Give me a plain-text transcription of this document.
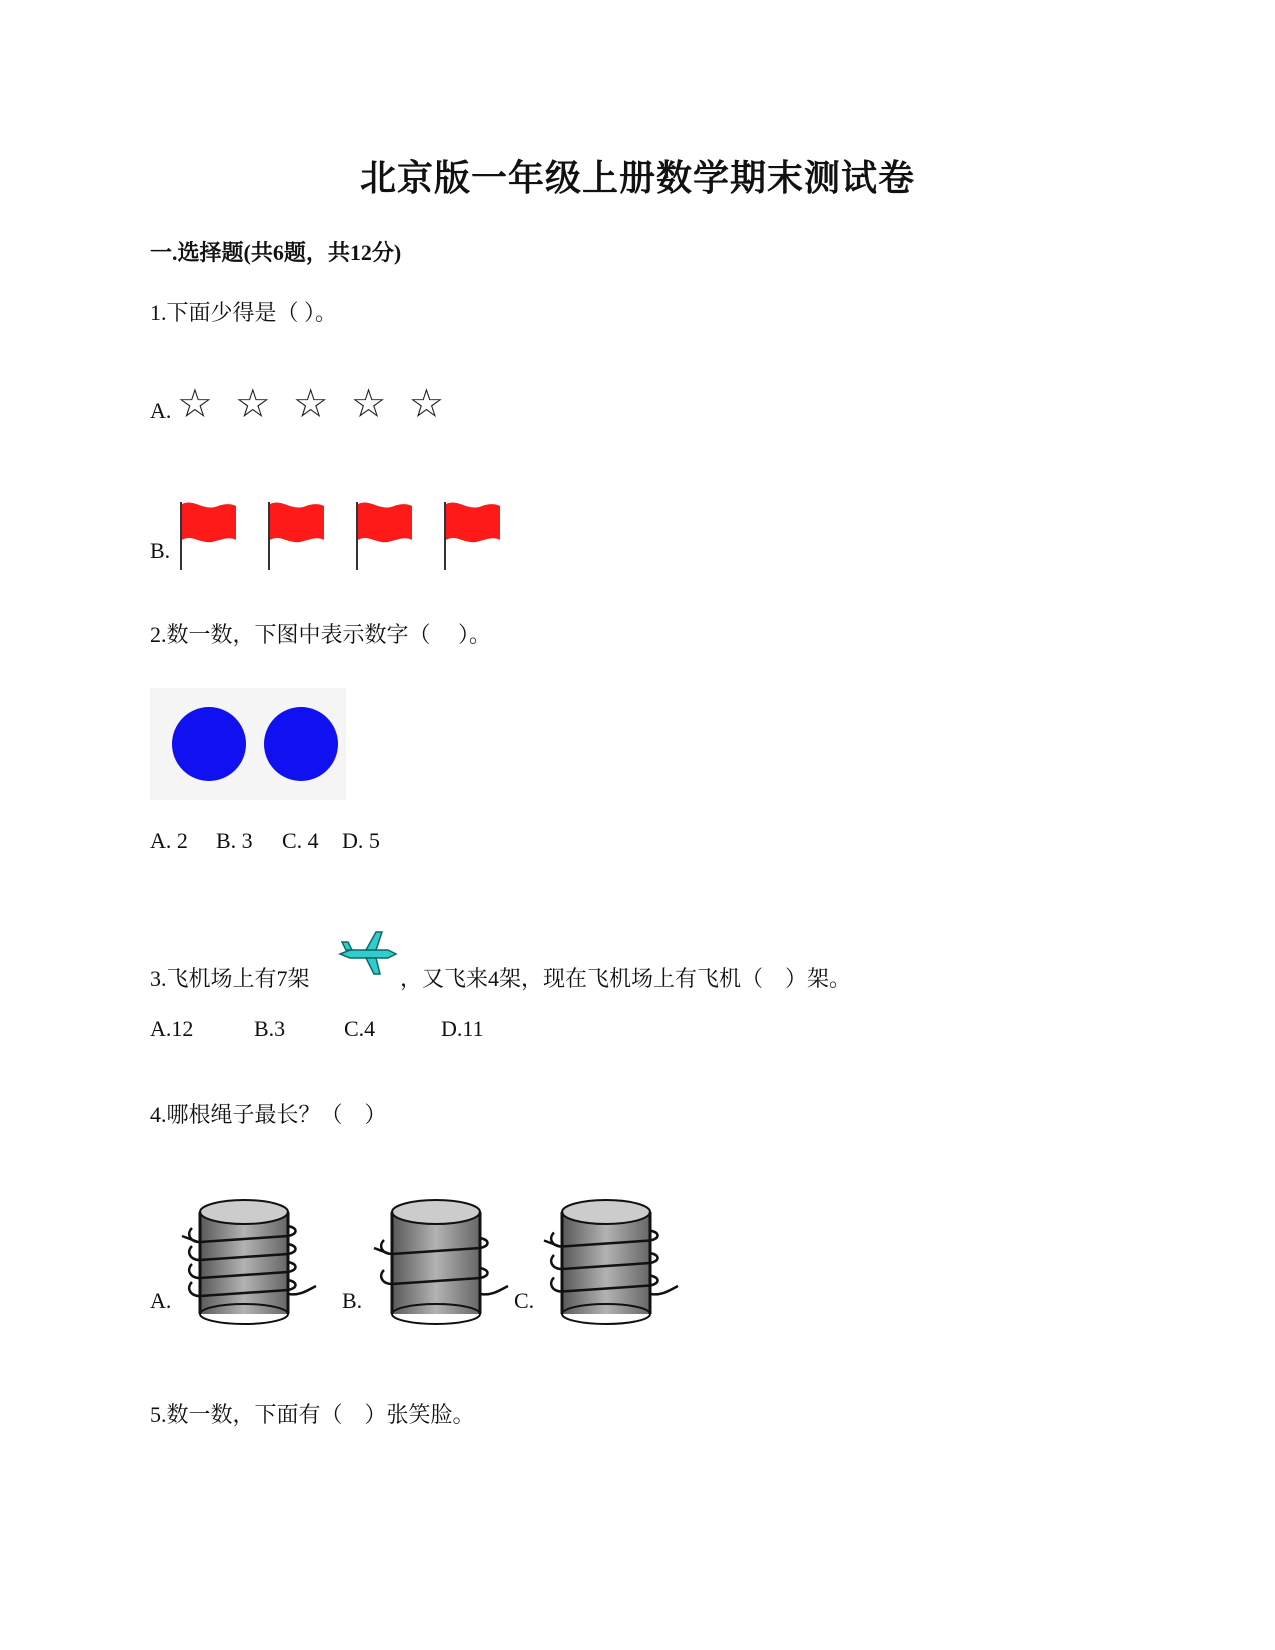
北京版一年级上册数学期末测试卷
一.选择题(共6题，共12分)
1.下面少得是（ ）。
A. ☆ ☆ ☆ ☆ ☆
B.
2.数一数，下图中表示数字（　 ）。
A. 2	B. 3	C. 4	D. 5
3.飞机场上有7架	，又飞来4架，现在飞机场上有飞机（　）架。
A.12	B.3	C.4	D.11
4.哪根绳子最长？（　）
A.	B.	C.
5.数一数，下面有（　）张笑脸。
